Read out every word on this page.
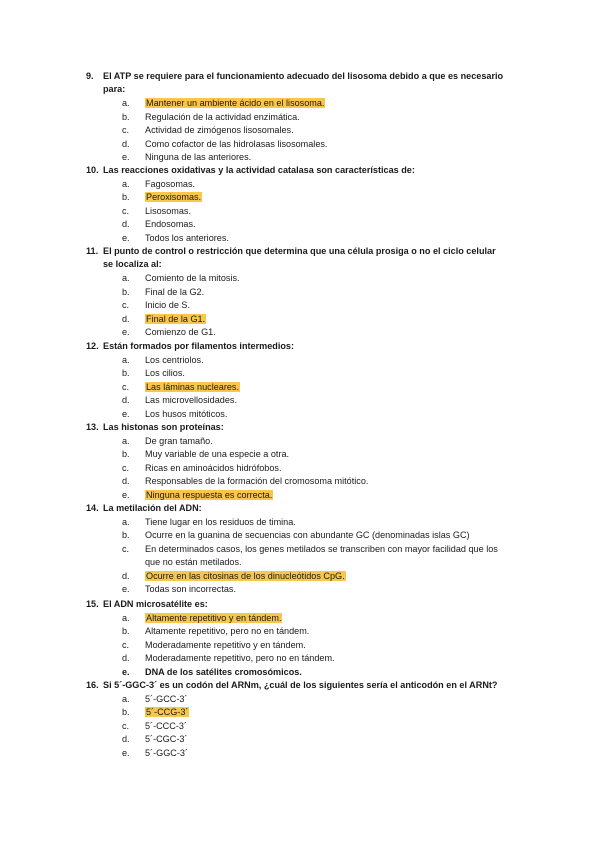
9.	El ATP se requiere para el funcionamiento adecuado del lisosoma debido a que es necesario para:
a.	Mantener un ambiente ácido en el lisosoma.
b.	Regulación de la actividad enzimática.
c.	Actividad de zimógenos lisosomales.
d.	Como cofactor de las hidrolasas lisosomales.
e.	Ninguna de las anteriores.
10. Las reacciones oxidativas y la actividad catalasa son características de:
a.	Fagosomas.
b.	Peroxisomas.
c.	Lisosomas.
d.	Endosomas.
e.	Todos los anteriores.
11. El punto de control o restricción que determina que una célula prosiga o no el ciclo celular se localiza al:
a.	Comiento de la mitosis.
b.	Final de la G2.
c.	Inicio de S.
d.	Final de la G1.
e.	Comienzo de G1.
12. Están formados por filamentos intermedios:
a.	Los centriolos.
b.	Los cilios.
c.	Las láminas nucleares.
d.	Las microvellosidades.
e.	Los husos mitóticos.
13. Las histonas son proteínas:
a.	De gran tamaño.
b.	Muy variable de una especie a otra.
c.	Ricas en aminoácidos hidrófobos.
d.	Responsables de la formación del cromosoma mitótico.
e.	Ninguna respuesta es correcta.
14. La metilación del ADN:
a.	Tiene lugar en los residuos de timina.
b.	Ocurre en la guanina de secuencias con abundante GC (denominadas islas GC)
c.	En determinados casos, los genes metilados se transcriben con mayor facilidad que los que no están metilados.
d.	Ocurre en las citosinas de los dinucleótidos CpG.
e.	Todas son incorrectas.
15. El ADN microsatélite es:
a.	Altamente repetitivo y en tándem.
b.	Altamente repetitivo, pero no en tándem.
c.	Moderadamente repetitivo y en tándem.
d.	Moderadamente repetitivo, pero no en tándem.
e.	DNA de los satélites cromosómicos.
16. Si 5´-GGC-3´ es un codón del ARNm, ¿cuál de los siguientes sería el anticodón en el ARNt?
a.	5´-GCC-3´
b.	5´-CCG-3´
c.	5´-CCC-3´
d.	5´-CGC-3´
e.	5´-GGC-3´
